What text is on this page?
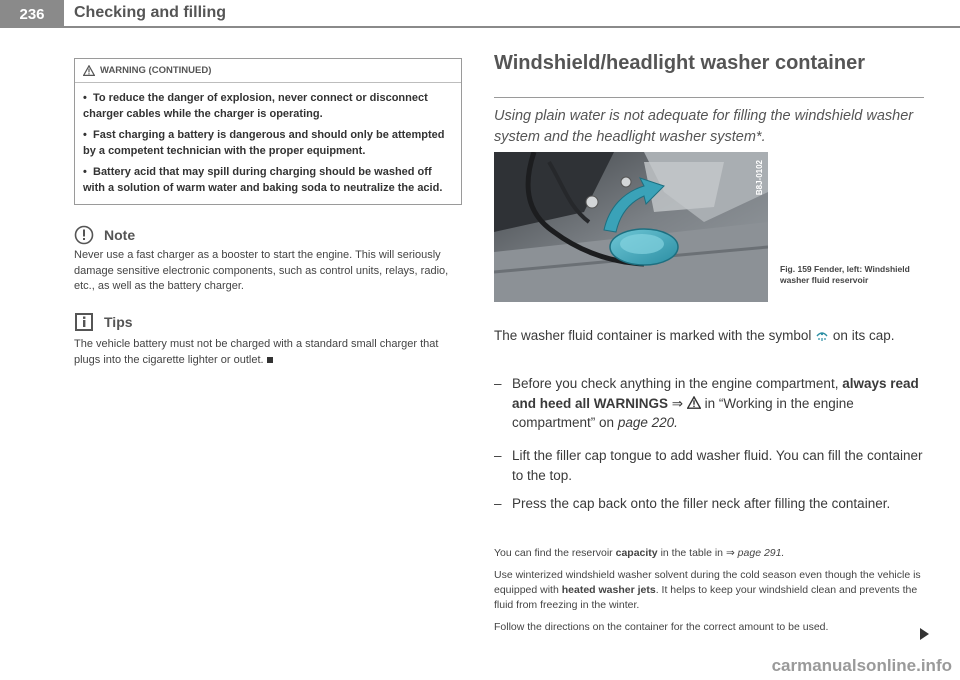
236	Checking and filling
WARNING (CONTINUED)

• To reduce the danger of explosion, never connect or disconnect charger cables while the charger is operating.

• Fast charging a battery is dangerous and should only be attempted by a competent technician with the proper equipment.

• Battery acid that may spill during charging should be washed off with a solution of warm water and baking soda to neutralize the acid.

Note
Never use a fast charger as a booster to start the engine. This will seriously damage sensitive electronic components, such as control units, relays, radio, etc., as well as the battery charger.
Tips
The vehicle battery must not be charged with a standard small charger that plugs into the cigarette lighter or outlet.
Windshield/headlight washer container
Using plain water is not adequate for filling the windshield washer system and the headlight washer system*.
B8J-0102
Fig. 159 Fender, left: Windshield washer fluid reservoir
The washer fluid container is marked with the symbol on its cap.
– Before you check anything in the engine compartment, always read and heed all WARNINGS ⇒ in “Working in the engine compartment” on page 220.
– Lift the filler cap tongue to add washer fluid. You can fill the container to the top.
– Press the cap back onto the filler neck after filling the container.
You can find the reservoir capacity in the table in ⇒ page 291.
Use winterized windshield washer solvent during the cold season even though the vehicle is equipped with heated washer jets. It helps to keep your windshield clean and prevents the fluid from freezing in the winter.
Follow the directions on the container for the correct amount to be used.
carmanualsonline.info
